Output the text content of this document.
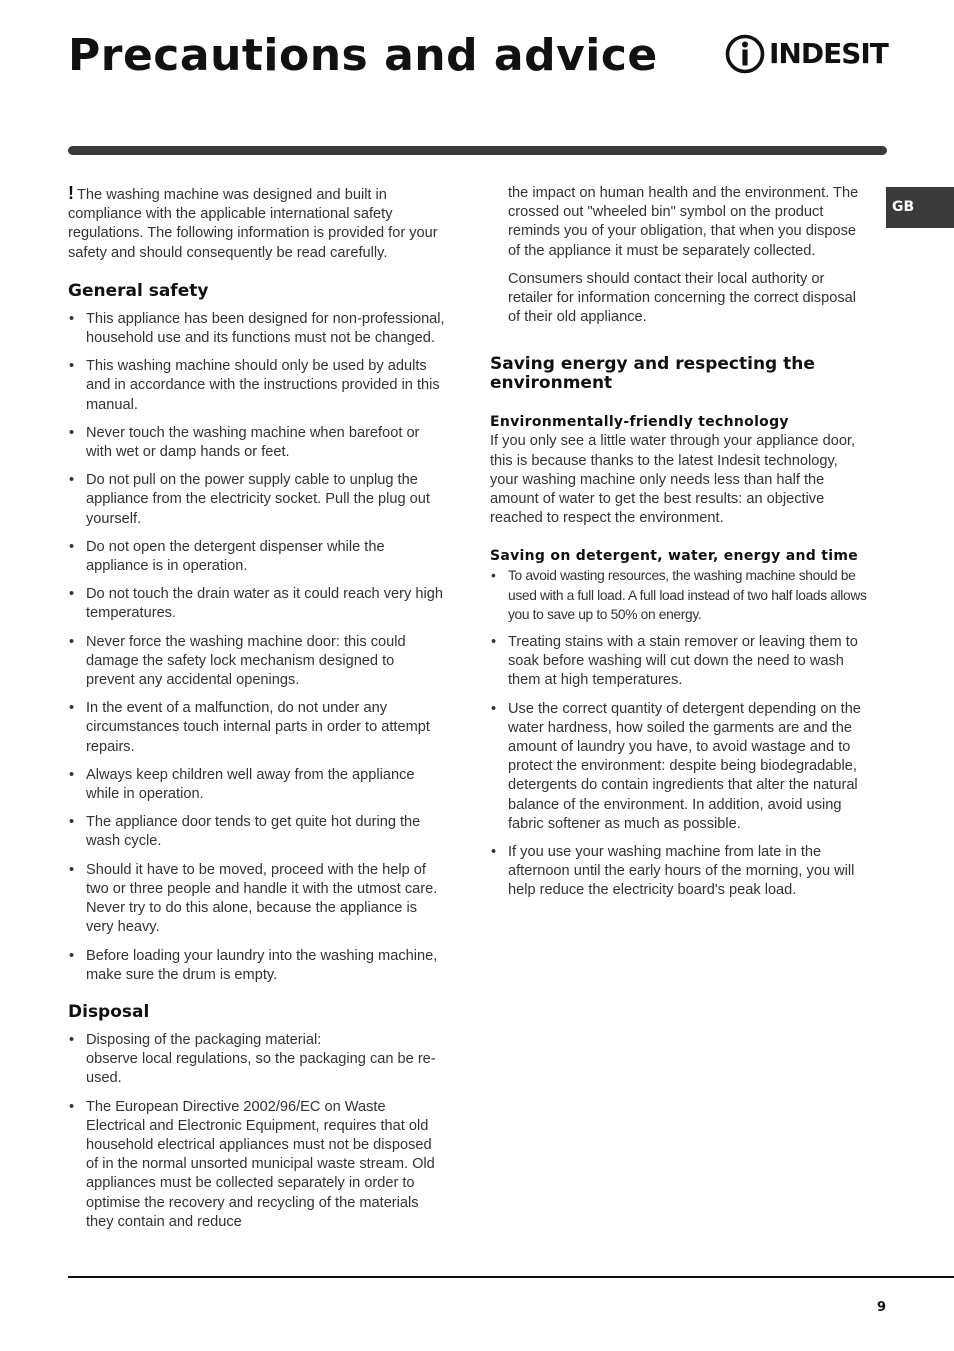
Precautions and advice	INDESIT
GB

! The washing machine was designed and built in compliance with the applicable international safety regulations. The following information is provided for your safety and should consequently be read carefully.

General safety
• This appliance has been designed for non-professional, household use and its functions must not be changed.
• This washing machine should only be used by adults and in accordance with the instructions provided in this manual.
• Never touch the washing machine when barefoot or with wet or damp hands or feet.
• Do not pull on the power supply cable to unplug the appliance from the electricity socket. Pull the plug out yourself.
• Do not open the detergent dispenser while the appliance is in operation.
• Do not touch the drain water as it could reach very high temperatures.
• Never force the washing machine door: this could damage the safety lock mechanism designed to prevent any accidental openings.
• In the event of a malfunction, do not under any circumstances touch internal parts in order to attempt repairs.
• Always keep children well away from the appliance while in operation.
• The appliance door tends to get quite hot during the wash cycle.
• Should it have to be moved, proceed with the help of two or three people and handle it with the utmost care. Never try to do this alone, because the appliance is very heavy.
• Before loading your laundry into the washing machine, make sure the drum is empty.
Disposal
• Disposing of the packaging material:
observe local regulations, so the packaging can be re-used.
• The European Directive 2002/96/EC on Waste Electrical and Electronic Equipment, requires that old household electrical appliances must not be disposed of in the normal unsorted municipal waste stream. Old appliances must be collected separately in order to optimise the recovery and recycling of the materials they contain and reduce

the impact on human health and the environment. The crossed out "wheeled bin" symbol on the product reminds you of your obligation, that when you dispose of the appliance it must be separately collected.

Consumers should contact their local authority or retailer for information concerning the correct disposal of their old appliance.

Saving energy and respecting the environment
Environmentally-friendly technology

If you only see a little water through your appliance door, this is because thanks to the latest Indesit technology, your washing machine only needs less than half the amount of water to get the best results: an objective reached to respect the environment.

Saving on detergent, water, energy and time
• To avoid wasting resources, the washing machine should be used with a full load. A full load instead of two half loads allows you to save up to 50% on energy.
• Treating stains with a stain remover or leaving them to soak before washing will cut down the need to wash them at high temperatures.
• Use the correct quantity of detergent depending on the water hardness, how soiled the garments are and the amount of laundry you have, to avoid wastage and to protect the environment: despite being biodegradable, detergents do contain ingredients that alter the natural balance of the environment. In addition, avoid using fabric softener as much as possible.
• If you use your washing machine from late in the afternoon until the early hours of the morning, you will help reduce the electricity board's peak load.
9
